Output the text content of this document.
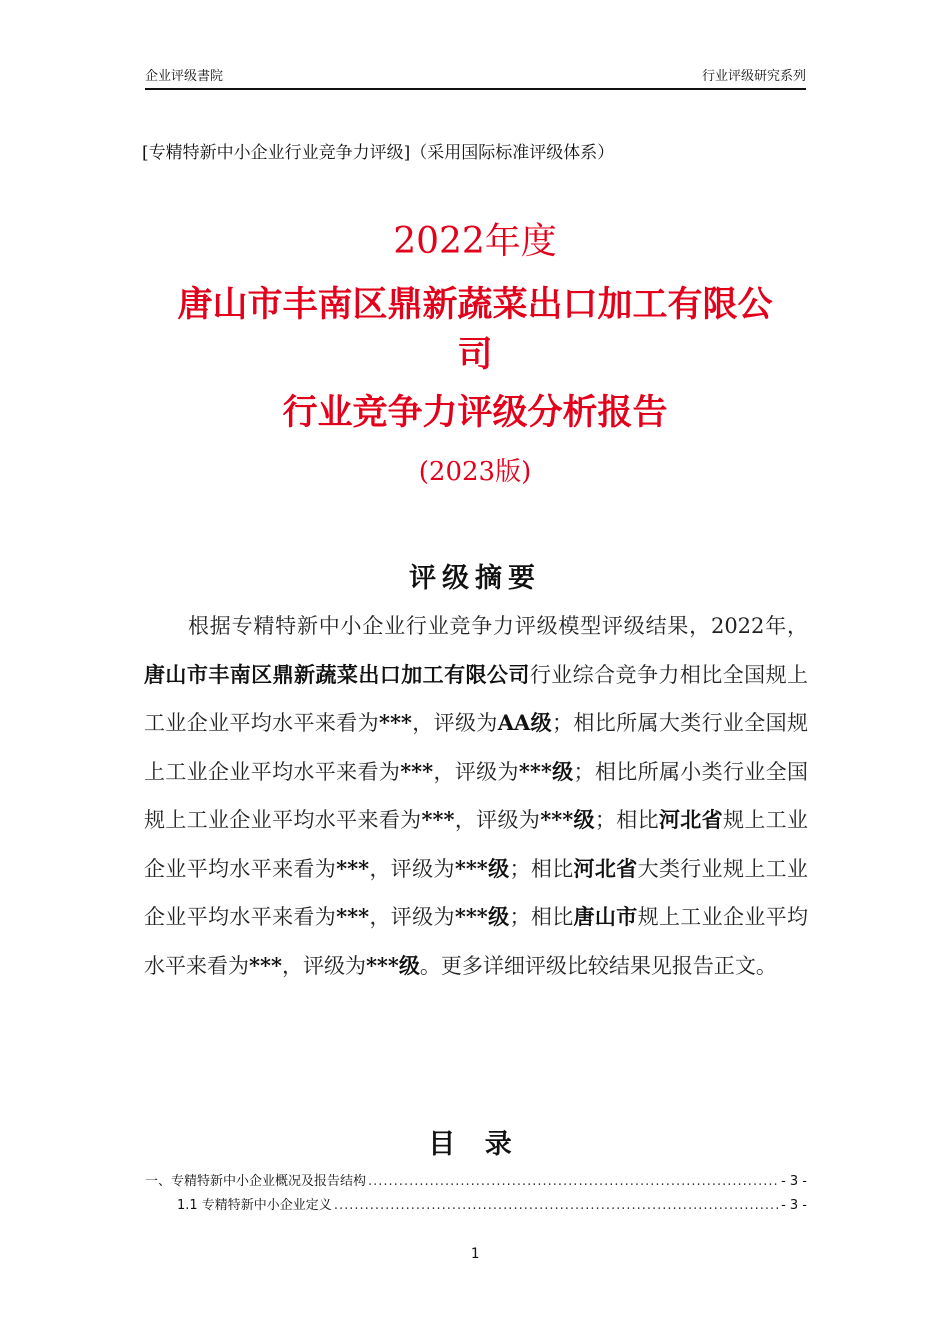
企业评级書院	行业评级研究系列
[专精特新中小企业行业竞争力评级]（采用国际标准评级体系）
2022年度
唐山市丰南区鼎新蔬菜出口加工有限公
司
行业竞争力评级分析报告
(2023版)
评级摘要
根据专精特新中小企业行业竞争力评级模型评级结果，2022年，唐山市丰南区鼎新蔬菜出口加工有限公司行业综合竞争力相比全国规上工业企业平均水平来看为***，评级为AA级；相比所属大类行业全国规上工业企业平均水平来看为***，评级为***级；相比所属小类行业全国规上工业企业平均水平来看为***，评级为***级；相比河北省规上工业企业平均水平来看为***，评级为***级；相比河北省大类行业规上工业企业平均水平来看为***，评级为***级；相比唐山市规上工业企业平均水平来看为***，评级为***级。更多详细评级比较结果见报告正文。
目 录
一、专精特新中小企业概况及报告结构 .....	- 3 -
1.1 专精特新中小企业定义 .....	- 3 -
1
